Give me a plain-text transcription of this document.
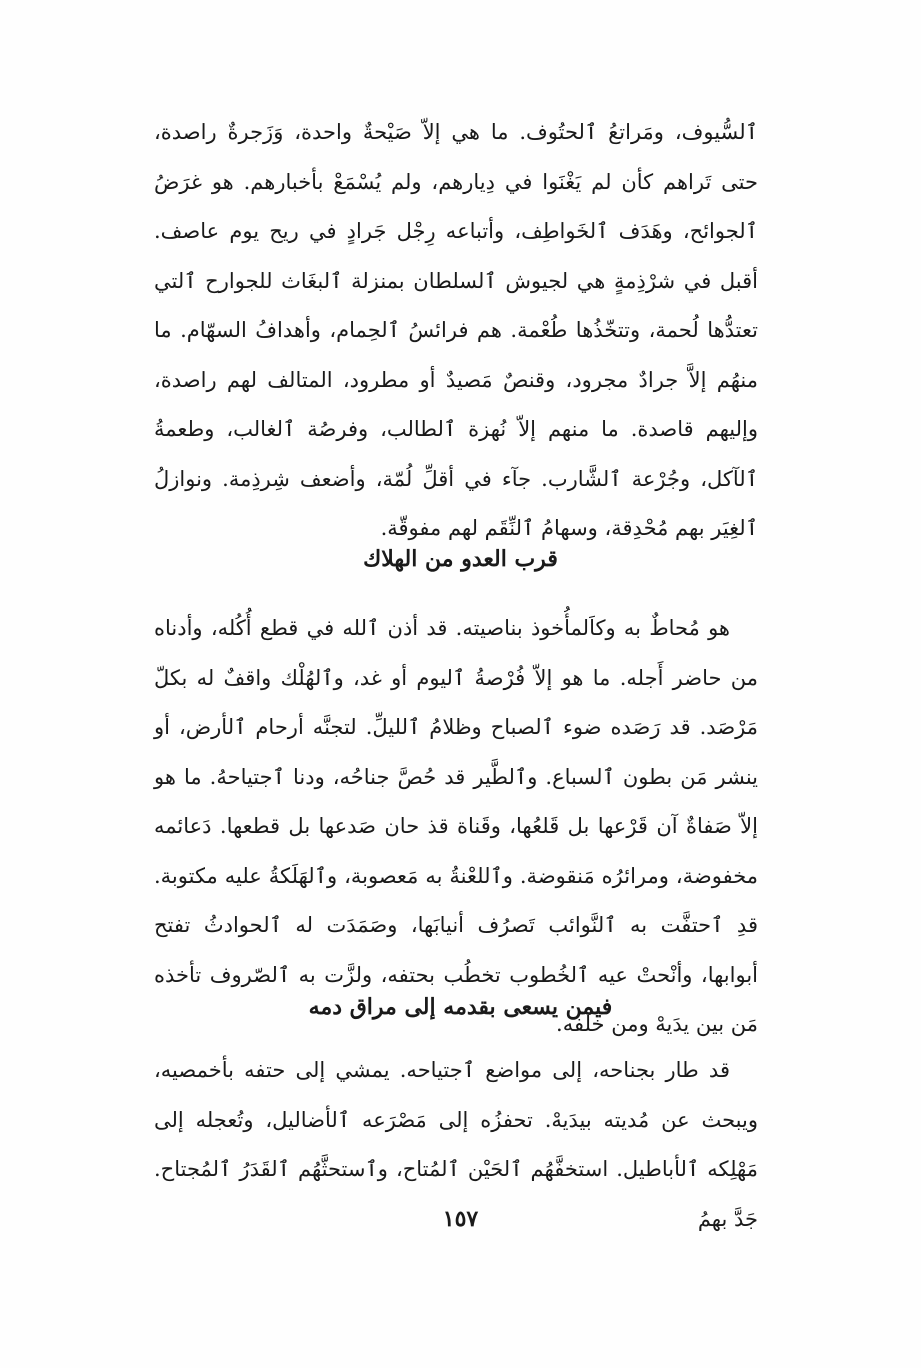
ٱلسُّيوف، ومَراتعُ ٱلحتُوف. ما هي إلاّ صَيْحةٌ واحدة، وَزَجرةٌ راصدة، حتى تَراهم كأن لم يَغْنَوا في دِيارهم، ولم يُسْمَعْ بأخبارهم. هو غرَضُ ٱلجوائح، وهَدَف ٱلخَواطِف، وأتباعه رِجْل جَرادٍ في ريح يوم عاصف. أقبل في شرْذِمةٍ هي لجيوش ٱلسلطان بمنزلة ٱلبغَاث للجوارح ٱلتي تعتدُّها لُحمة، وتتخّذُها طُعْمة. هم فرائسُ ٱلحِمام، وأهدافُ السهّام. ما منهُم إلاَّ جرادٌ مجرود، وقنصٌ مَصيدٌ أو مطرود، المتالف لهم راصدة، وإليهم قاصدة. ما منهم إلاّ نُهزة ٱلطالب، وفرصُة ٱلغالب، وطعمةُ ٱلآكل، وجُرْعة ٱلشَّارب. جآء في أقلِّ لُمّة، وأضعف شِرذِمة. ونوازلُ ٱلغِيَر بهم مُحْدِقة، وسهامُ ٱلنِّقَم لهم مفوقّة.

قرب العدو من الهلاك

هو مُحاطٌ به وكاَلمأُخوذ بناصيته. قد أذن ٱلله في قطع أُكُله، وأدناه من حاضر أَجله. ما هو إلاّ فُرْصةُ ٱليوم أو غد، وٱلهُلْك واقفٌ له بكلّ مَرْصَد. قد رَصَده ضوء ٱلصباح وظلامُ ٱلليلِّ. لتجنَّه أرحام ٱلأرض، أو ينشر مَن بطون ٱلسباع. وٱلطَّير قد حُصَّ جناحُه، ودنا ٱجتياحهُ. ما هو إلاّ صَفاةٌ آن قَرْعها بل قَلعُها، وقَناة قذ حان صَدعها بل قطعها. دَعائمه مخفوضة، ومرائرُه مَنقوضة. وٱللعْنةُ به مَعصوبة، وٱلهَلَكةُ عليه مكتوبة. قدِ ٱحتفَّت به ٱلنَّوائب تَصرُف أنيابَها، وصَمَدَت له ٱلحوادثُ تفتح أبوابها، وأنْحتْ عيه ٱلخُطوب تخطُب بحتفه، ولزَّت به ٱلصّروف تأخذه مَن بين يدَيهْ ومن خلفه.

فيمن يسعى بقدمه إلى مراق دمه

قد طار بجناحه، إلى مواضع ٱجتياحه. يمشي إلى حتفه بأخمصيه، ويبحث عن مُديته بيدَيهْ. تحفزُه إلى مَصْرَعه ٱلأضاليل، وتُعجله إلى مَهْلِكه ٱلأباطيل. استخفَّهُم ٱلحَيْن ٱلمُتاح، وٱستحثَّهُم ٱلقَدَرُ ٱلمُجتاح. جَدَّ بهمُ

١٥٧
